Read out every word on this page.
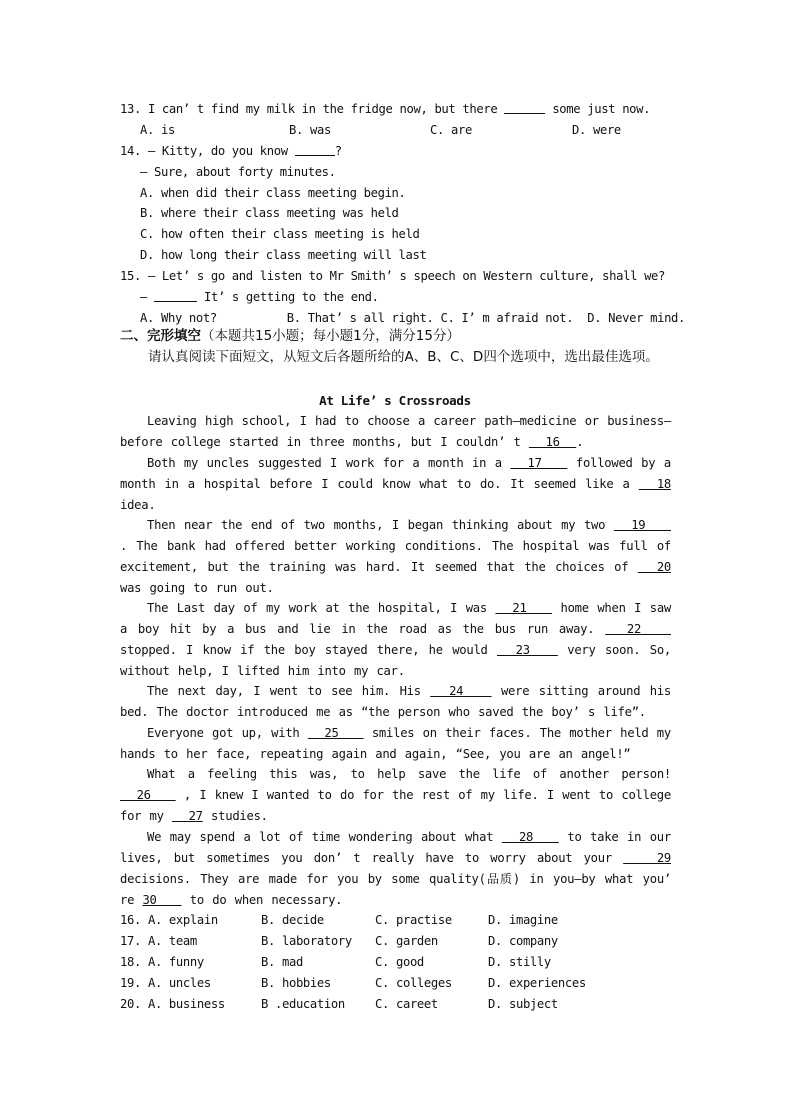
13. I can’ t find my milk in the fridge now, but there	some just now.
A. is	B. was	C. are	D. were
14. — Kitty, do you know	?
— Sure, about forty minutes.
A. when did their class meeting begin.
B. where their class meeting was held
C. how often their class meeting is held
D. how long their class meeting will last
15. — Let’ s go and listen to Mr Smith’ s speech on Western culture, shall we?
—	It’ s getting to the end.
A. Why not?          B. That’ s all right. C. I’ m afraid not.  D. Never mind.
二、完形填空（本题共15小题；每小题1分，满分15分）
请认真阅读下面短文，从短文后各题所给的A、B、C、D四个选项中，选出最佳选项。
At Life’ s Crossroads
Leaving high school, I had to choose a career path—medicine or business—before college started in three months, but I couldn’ t   16  .
Both my uncles suggested I work for a month in a   17    followed by a month in a hospital before I could know what to do. It seemed like a   18 idea.
Then near the end of two months, I began thinking about my two   19    . The bank had offered better working conditions. The hospital was full of excitement, but the training was hard. It seemed that the choices of   20 was going to run out.
The Last day of my work at the hospital, I was   21    home when I saw a boy hit by a bus and lie in the road as the bus run away.   22    stopped. I know if the boy stayed there, he would   23    very soon. So, without help, I lifted him into my car.
The next day, I went to see him. His   24    were sitting around his bed. The doctor introduced me as “the person who saved the boy’ s life”.
Everyone got up, with   25    smiles on their faces. The mother held my hands to her face, repeating again and again, “See, you are an angel!”
What a feeling this was, to help save the life of another person!   26    , I knew I wanted to do for the rest of my life. I went to college for my   27 studies.
We may spend a lot of time wondering about what   28    to take in our lives, but sometimes you don’ t really have to worry about your    29 decisions. They are made for you by some quality(品质) in you—by what you’ re 30    to do when necessary.
16. A. explain	B. decide	C. practise	D. imagine
17. A. team	B. laboratory C. garden	D. company
18. A. funny	B. mad	C. good	D. stilly
19. A. uncles	B. hobbies	C. colleges	D. experiences
20. A. business	B .education C. careet	D. subject
